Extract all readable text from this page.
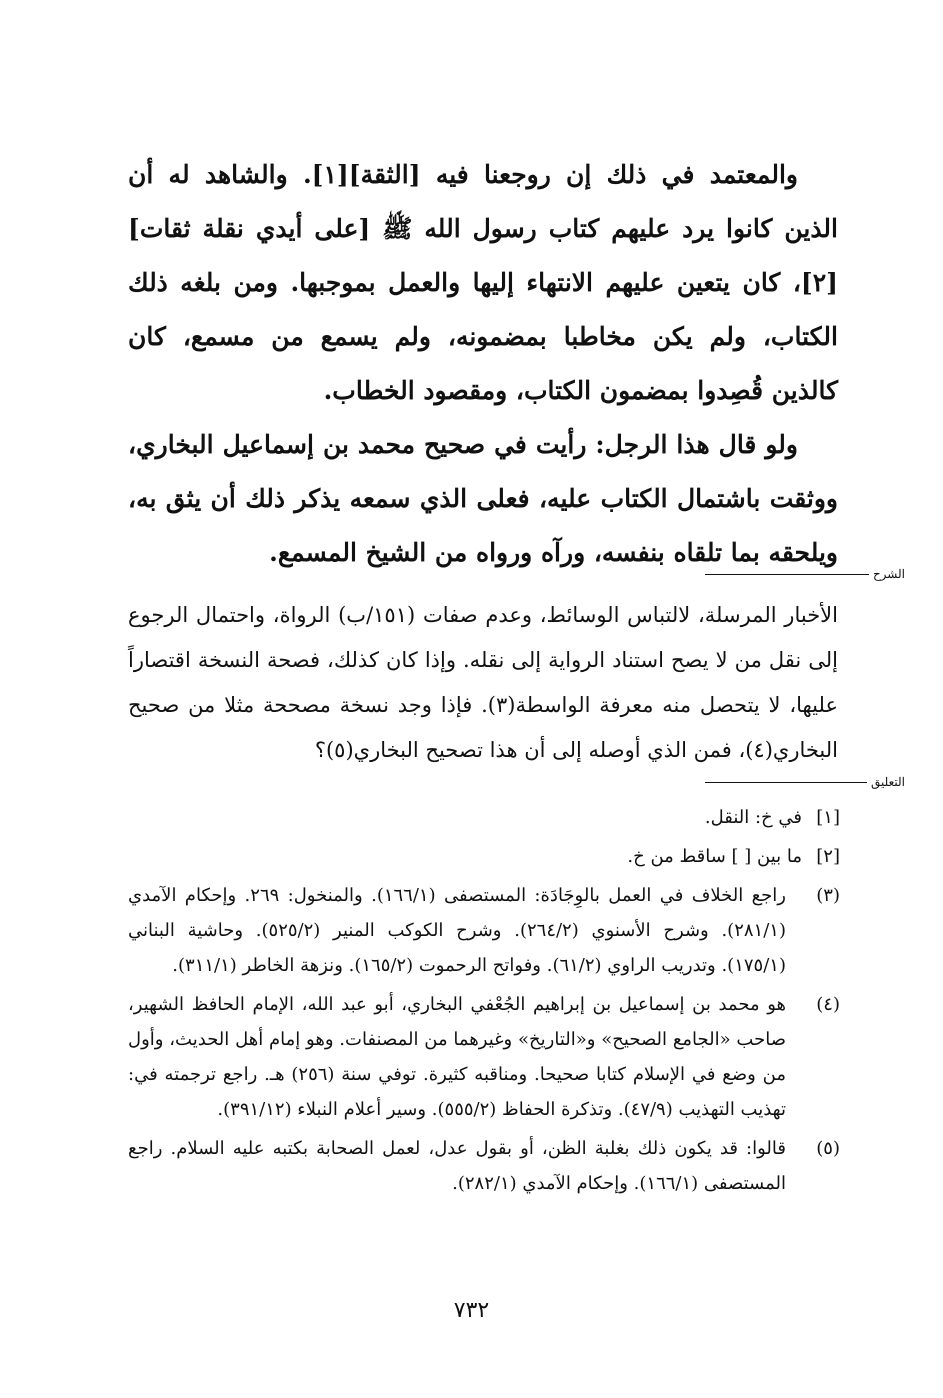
والمعتمد في ذلك إن روجعنا فيه [الثقة][١]. والشاهد له أن الذين كانوا يرد عليهم كتاب رسول الله ﷺ [على أيدي نقلة ثقات][٢]، كان يتعين عليهم الانتهاء إليها والعمل بموجبها. ومن بلغه ذلك الكتاب، ولم يكن مخاطبا بمضمونه، ولم يسمع من مسمع، كان كالذين قُصِدوا بمضمون الكتاب، ومقصود الخطاب.

ولو قال هذا الرجل: رأيت في صحيح محمد بن إسماعيل البخاري، ووثقت باشتمال الكتاب عليه، فعلى الذي سمعه يذكر ذلك أن يثق به، ويلحقه بما تلقاه بنفسه، ورآه ورواه من الشيخ المسمع.

الشرح

الأخبار المرسلة، لالتباس الوسائط، وعدم صفات (١٥١/ب) الرواة، واحتمال الرجوع إلى نقل من لا يصح استناد الرواية إلى نقله. وإذا كان كذلك، فصحة النسخة اقتصاراً عليها، لا يتحصل منه معرفة الواسطة(٣). فإذا وجد نسخة مصححة مثلا من صحيح البخاري(٤)، فمن الذي أوصله إلى أن هذا تصحيح البخاري(٥)؟

التعليق
[١]
في خ: النقل.
[٢]
ما بين [ ] ساقط من خ.
(٣)
راجع الخلاف في العمل بالوِجَادَة: المستصفى (١٦٦/١). والمنخول: ٢٦٩. وإحكام الآمدي (٢٨١/١). وشرح الأسنوي (٢٦٤/٢). وشرح الكوكب المنير (٥٢٥/٢). وحاشية البناني (١٧٥/١). وتدريب الراوي (٦١/٢). وفواتح الرحموت (١٦٥/٢). ونزهة الخاطر (٣١١/١).
(٤)
هو محمد بن إسماعيل بن إبراهيم الجُعْفي البخاري، أبو عبد الله، الإمام الحافظ الشهير، صاحب «الجامع الصحيح» و«التاريخ» وغيرهما من المصنفات. وهو إمام أهل الحديث، وأول من وضع في الإسلام كتابا صحيحا. ومناقبه كثيرة. توفي سنة (٢٥٦) هـ. راجع ترجمته في: تهذيب التهذيب (٤٧/٩). وتذكرة الحفاظ (٥٥٥/٢). وسير أعلام النبلاء (٣٩١/١٢).
(٥)
قالوا: قد يكون ذلك بغلبة الظن، أو بقول عدل، لعمل الصحابة بكتبه عليه السلام. راجع المستصفى (١٦٦/١). وإحكام الآمدي (٢٨٢/١).
٧٣٢
